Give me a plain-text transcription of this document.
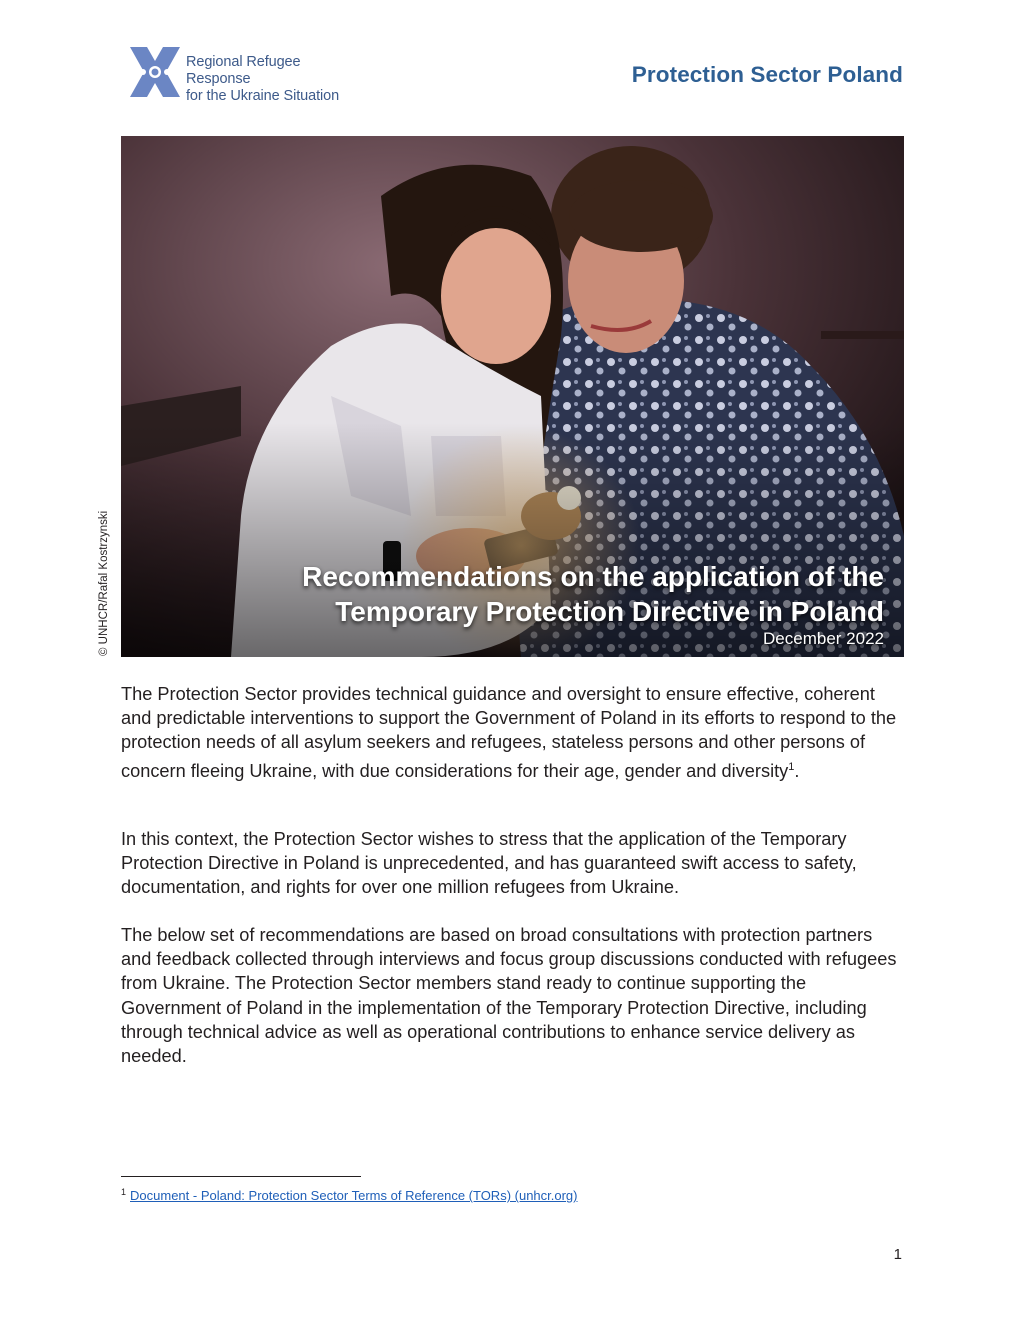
Regional Refugee Response
for the Ukraine Situation
Protection Sector Poland
Recommendations on the application of the
Temporary Protection Directive in Poland
December 2022
© UNHCR/Rafal Kostrzynski

The Protection Sector provides technical guidance and oversight to ensure effective, coherent and predictable interventions to support the Government of Poland in its efforts to respond to the protection needs of all asylum seekers and refugees, stateless persons and other persons of concern fleeing Ukraine, with due considerations for their age, gender and diversity$^1$.

In this context, the Protection Sector wishes to stress that the application of the Temporary Protection Directive in Poland is unprecedented, and has guaranteed swift access to safety, documentation, and rights for over one million refugees from Ukraine.

The below set of recommendations are based on broad consultations with protection partners and feedback collected through interviews and focus group discussions conducted with refugees from Ukraine. The Protection Sector members stand ready to continue supporting the Government of Poland in the implementation of the Temporary Protection Directive, including through technical advice as well as operational contributions to enhance service delivery as needed.

$^1$ Document - Poland: Protection Sector Terms of Reference (TORs) (unhcr.org)
1
